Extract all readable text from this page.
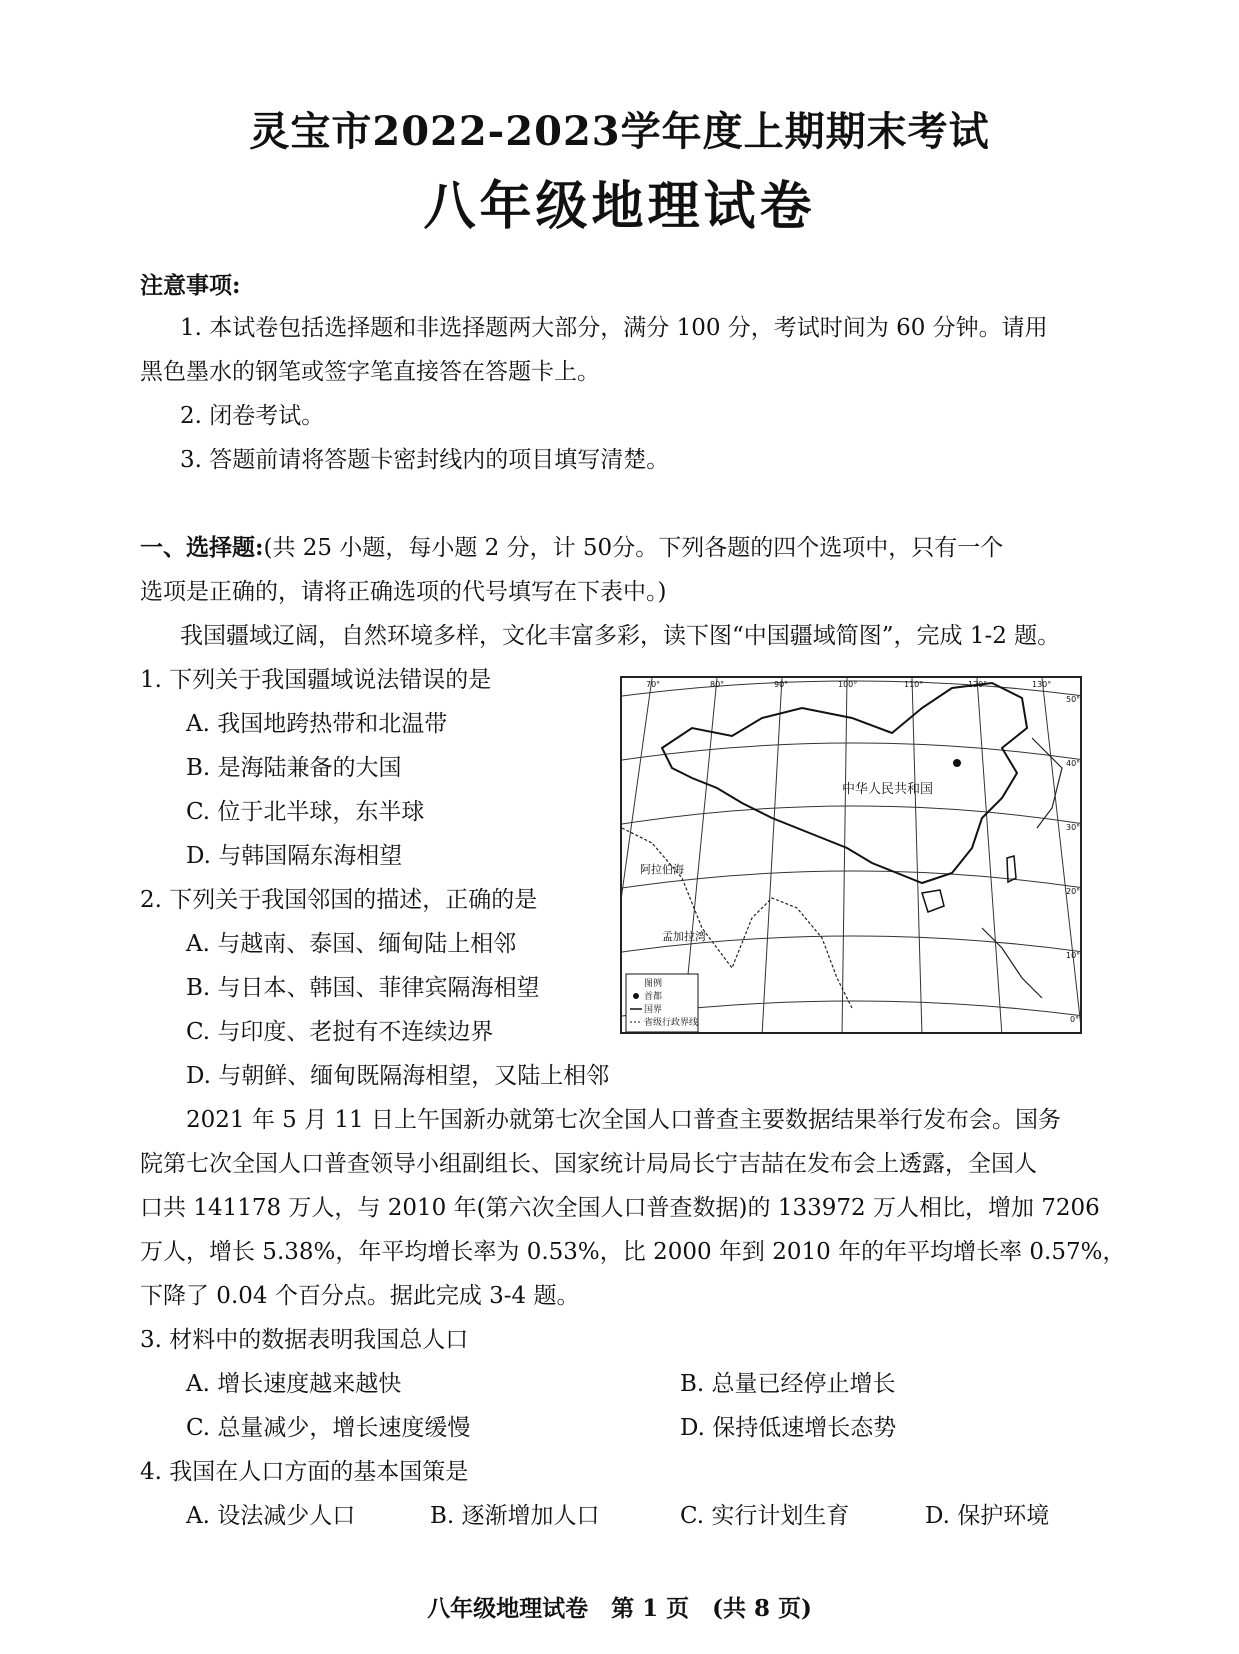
灵宝市2022-2023学年度上期期末考试
八年级地理试卷
注意事项:
1. 本试卷包括选择题和非选择题两大部分，满分 100 分，考试时间为 60 分钟。请用
黑色墨水的钢笔或签字笔直接答在答题卡上。
2. 闭卷考试。
3. 答题前请将答题卡密封线内的项目填写清楚。
一、选择题:(共 25 小题，每小题 2 分，计 50分。下列各题的四个选项中，只有一个
选项是正确的，请将正确选项的代号填写在下表中。)
我国疆域辽阔，自然环境多样，文化丰富多彩，读下图“中国疆域简图”，完成 1-2 题。
1. 下列关于我国疆域说法错误的是
A. 我国地跨热带和北温带
B. 是海陆兼备的大国
C. 位于北半球，东半球
D. 与韩国隔东海相望
2. 下列关于我国邻国的描述，正确的是
A. 与越南、泰国、缅甸陆上相邻
B. 与日本、韩国、菲律宾隔海相望
C. 与印度、老挝有不连续边界
D. 与朝鲜、缅甸既隔海相望，又陆上相邻
中华人民共和国
阿拉伯海
孟加拉湾
图例
首都
国界
省级行政界线
70°	80°	90°	100°	110°	120°	130°
50°
40°
30°
20°
10°
0°
2021 年 5 月 11 日上午国新办就第七次全国人口普查主要数据结果举行发布会。国务
院第七次全国人口普查领导小组副组长、国家统计局局长宁吉喆在发布会上透露，全国人
口共 141178 万人，与 2010 年(第六次全国人口普查数据)的 133972 万人相比，增加 7206
万人，增长 5.38%，年平均增长率为 0.53%，比 2000 年到 2010 年的年平均增长率 0.57%，
下降了 0.04 个百分点。据此完成 3-4 题。
3. 材料中的数据表明我国总人口
A. 增长速度越来越快	B. 总量已经停止增长
C. 总量减少，增长速度缓慢	D. 保持低速增长态势
4. 我国在人口方面的基本国策是
A. 设法减少人口	B. 逐渐增加人口	C. 实行计划生育	D. 保护环境
八年级地理试卷　第 1 页　(共 8 页)
